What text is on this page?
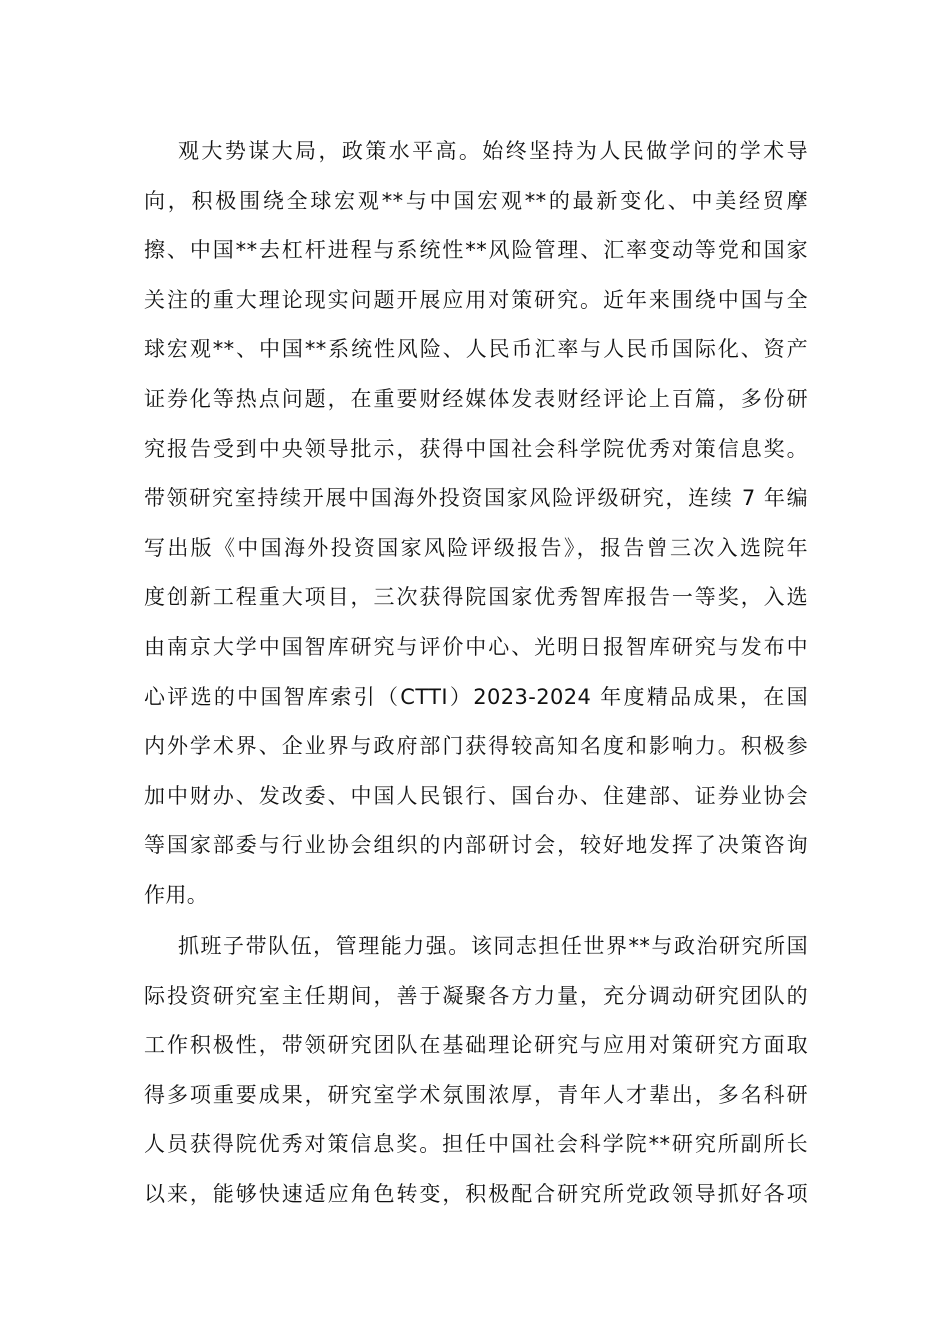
观大势谋大局，政策水平高。始终坚持为人民做学问的学术导
向，积极围绕全球宏观**与中国宏观**的最新变化、中美经贸摩
擦、中国**去杠杆进程与系统性**风险管理、汇率变动等党和国家
关注的重大理论现实问题开展应用对策研究。近年来围绕中国与全
球宏观**、中国**系统性风险、人民币汇率与人民币国际化、资产
证券化等热点问题，在重要财经媒体发表财经评论上百篇，多份研
究报告受到中央领导批示，获得中国社会科学院优秀对策信息奖。
带领研究室持续开展中国海外投资国家风险评级研究，连续 7 年编
写出版《中国海外投资国家风险评级报告》，报告曾三次入选院年
度创新工程重大项目，三次获得院国家优秀智库报告一等奖，入选
由南京大学中国智库研究与评价中心、光明日报智库研究与发布中
心评选的中国智库索引（CTTI）2023-2024 年度精品成果，在国
内外学术界、企业界与政府部门获得较高知名度和影响力。积极参
加中财办、发改委、中国人民银行、国台办、住建部、证券业协会
等国家部委与行业协会组织的内部研讨会，较好地发挥了决策咨询
作用。
抓班子带队伍，管理能力强。该同志担任世界**与政治研究所国
际投资研究室主任期间，善于凝聚各方力量，充分调动研究团队的
工作积极性，带领研究团队在基础理论研究与应用对策研究方面取
得多项重要成果，研究室学术氛围浓厚，青年人才辈出，多名科研
人员获得院优秀对策信息奖。担任中国社会科学院**研究所副所长
以来，能够快速适应角色转变，积极配合研究所党政领导抓好各项
